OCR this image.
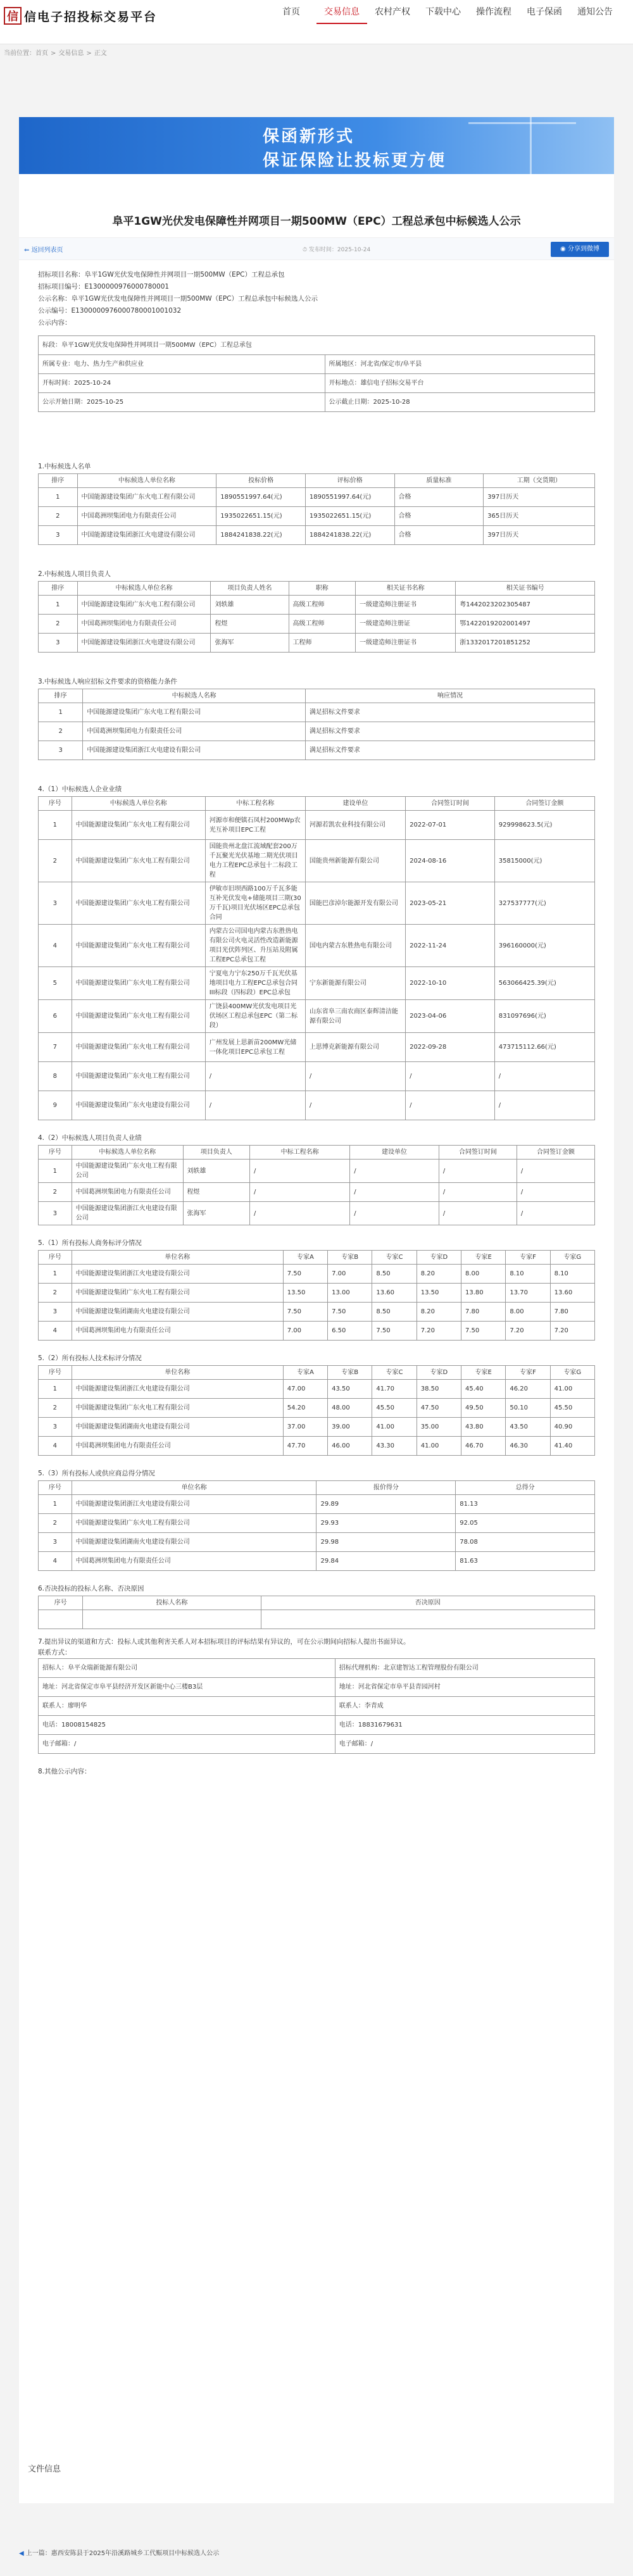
信 信电子招投标交易平台	首页	交易信息	农村产权	下载中心	操作流程	电子保函	通知公告
当前位置：首页 > 交易信息 > 正文
保函新形式
保证保险让投标更方便
阜平1GW光伏发电保障性并网项目一期500MW（EPC）工程总承包中标候选人公示
⇐ 返回列表页	⏱ 发布时间：2025-10-24	◉ 分享到微博
招标项目名称：阜平1GW光伏发电保障性并网项目一期500MW（EPC）工程总承包
招标项目编号：E1300000976000780001
公示名称：阜平1GW光伏发电保障性并网项目一期500MW（EPC）工程总承包中标候选人公示
公示编号：E1300000976000780001001032
公示内容：
标段：阜平1GW光伏发电保障性并网项目一期500MW（EPC）工程总承包	
所属专业：电力、热力生产和供应业	所属地区：河北省/保定市/阜平县
开标时间：2025-10-24	开标地点：雄信电子招标交易平台
公示开始日期：2025-10-25	公示截止日期：2025-10-28
1.中标候选人名单
排序	中标候选人单位名称	投标价格	评标价格	质量标准	工期（交货期）
1	中国能源建设集团广东火电工程有限公司	1890551997.64(元)	1890551997.64(元)	合格	397日历天
2	中国葛洲坝集团电力有限责任公司	1935022651.15(元)	1935022651.15(元)	合格	365日历天
3	中国能源建设集团浙江火电建设有限公司	1884241838.22(元)	1884241838.22(元)	合格	397日历天
2.中标候选人项目负责人
排序	中标候选人单位名称	项目负责人姓名	职称	相关证书名称	相关证书编号
1	中国能源建设集团广东火电工程有限公司	刘轶雄	高级工程师	一级建造师注册证书	粤1442023202305487
2	中国葛洲坝集团电力有限责任公司	程煜	高级工程师	一级建造师注册证	鄂1422019202001497
3	中国能源建设集团浙江火电建设有限公司	张海军	工程师	一级建造师注册证书	浙1332017201851252
3.中标候选人响应招标文件要求的资格能力条件
排序	中标候选人名称	响应情况
1	中国能源建设集团广东火电工程有限公司	满足招标文件要求
2	中国葛洲坝集团电力有限责任公司	满足招标文件要求
3	中国能源建设集团浙江火电建设有限公司	满足招标文件要求
4.（1）中标候选人企业业绩
序号	中标候选人单位名称	中标工程名称	建设单位	合同签订时间	合同签订金额
1	中国能源建设集团广东火电工程有限公司	河源市和便镇石凤村200MWp农光互补项目EPC工程	河源若凯农业科技有限公司	2022-07-01	929998623.5(元)
2	中国能源建设集团广东火电工程有限公司	国能贵州北盘江流域配套200万千瓦聚光光伏基地二期光伏项目电力工程EPC总承包十二标段工程	国能贵州新能源有限公司	2024-08-16	35815000(元)
3	中国能源建设集团广东火电工程有限公司	伊敏市旧坝西路100万千瓦多能互补光伏发电+储能项目三期(30万千瓦)项目光伏场区EPC总承包合同	国能巴彦淖尔能源开发有限公司	2023-05-21	327537777(元)
4	中国能源建设集团广东火电工程有限公司	内蒙古公司国电内蒙古东胜热电有限公司火电灵活性改造新能源项目光伏阵列区、升压站及附属工程EPC总承包工程	国电内蒙古东胜热电有限公司	2022-11-24	396160000(元)
5	中国能源建设集团广东火电工程有限公司	宁夏电力宁东250万千瓦光伏基地项目电力工程EPC总承包合同III标段（四标段）EPC总承包	宁东新能源有限公司	2022-10-10	563066425.39(元)
6	中国能源建设集团广东火电工程有限公司	广饶县400MW光伏发电项目光伏场区工程总承包EPC（第二标段）	山东省阜三南农商区泰辉清洁能源有限公司	2023-04-06	831097696(元)
7	中国能源建设集团广东火电工程有限公司	广州发展上思新苗200MW光储一体化项目EPC总承包工程	上思博克新能源有限公司	2022-09-28	473715112.66(元)
8	中国能源建设集团广东火电工程有限公司	/	/	/	/
9	中国能源建设集团广东火电建设有限公司	/	/	/	/
4.（2）中标候选人项目负责人业绩
序号	中标候选人单位名称	项目负责人	中标工程名称	建设单位	合同签订时间	合同签订金额
1	中国能源建设集团广东火电工程有限公司	刘轶雄	/	/	/	/
2	中国葛洲坝集团电力有限责任公司	程煜	/	/	/	/
3	中国能源建设集团浙江火电建设有限公司	张海军	/	/	/	/
5.（1）所有投标人商务标评分情况
序号	单位名称	专家A	专家B	专家C	专家D	专家E	专家F	专家G
1	中国能源建设集团浙江火电建设有限公司	7.50	7.00	8.50	8.20	8.00	8.10	8.10
2	中国能源建设集团广东火电工程有限公司	13.50	13.00	13.60	13.50	13.80	13.70	13.60
3	中国能源建设集团湖南火电建设有限公司	7.50	7.50	8.50	8.20	7.80	8.00	7.80
4	中国葛洲坝集团电力有限责任公司	7.00	6.50	7.50	7.20	7.50	7.20	7.20
5.（2）所有投标人技术标评分情况
序号	单位名称	专家A	专家B	专家C	专家D	专家E	专家F	专家G
1	中国能源建设集团浙江火电建设有限公司	47.00	43.50	41.70	38.50	45.40	46.20	41.00
2	中国能源建设集团广东火电工程有限公司	54.20	48.00	45.50	47.50	49.50	50.10	45.50
3	中国能源建设集团湖南火电建设有限公司	37.00	39.00	41.00	35.00	43.80	43.50	40.90
4	中国葛洲坝集团电力有限责任公司	47.70	46.00	43.30	41.00	46.70	46.30	41.40
5.（3）所有投标人或供应商总得分情况
序号	单位名称	报价得分	总得分
1	中国能源建设集团浙江火电建设有限公司	29.89	81.13
2	中国能源建设集团广东火电工程有限公司	29.93	92.05
3	中国能源建设集团湖南火电建设有限公司	29.98	78.08
4	中国葛洲坝集团电力有限责任公司	29.84	81.63
6.否决投标的投标人名称、否决原因
序号	投标人名称	否决原因

7.提出异议的渠道和方式：投标人或其他利害关系人对本招标项目的评标结果有异议的，可在公示期间向招标人提出书面异议。
联系方式：
招标人：阜平众瑞新能源有限公司	招标代理机构：北京建智达工程管理股份有限公司
地址：河北省保定市阜平县经济开发区新能中心三楼B3层	地址：河北省保定市阜平县青园河村
联系人：廖明华	联系人：李青成
电话：18008154825	电话：18831679631
电子邮箱：/	电子邮箱：/
8.其他公示内容：
文件信息
◀ 上一篇：惠西安陈县于2025年沿溪路城乡工代赈项目中标候选人公示
